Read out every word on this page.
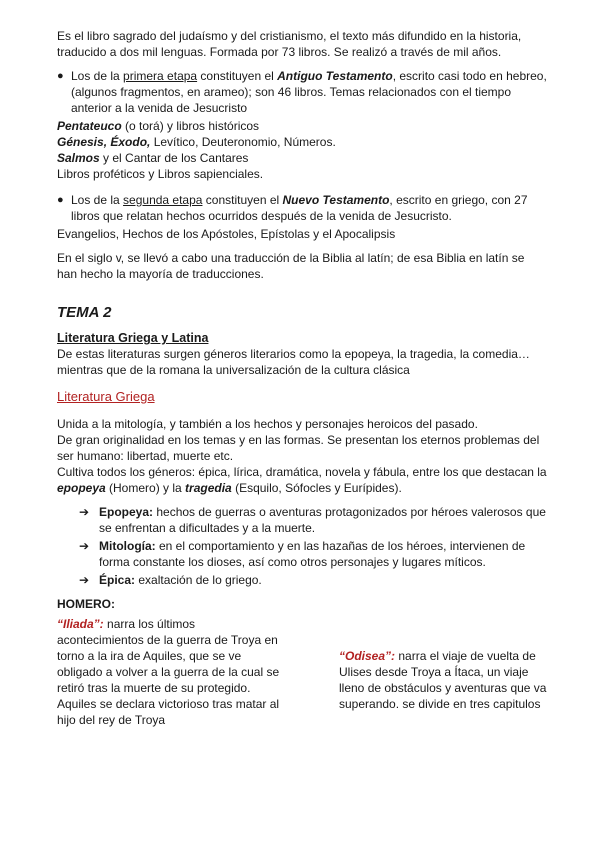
Es el libro sagrado del judaísmo y del cristianismo, el texto más difundido en la historia, traducido a dos mil lenguas. Formada por 73 libros. Se realizó a través de mil años.

● Los de la primera etapa constituyen el Antiguo Testamento, escrito casi todo en hebreo, (algunos fragmentos, en arameo); son 46 libros. Temas relacionados con el tiempo anterior a la venida de Jesucristo

Pentateuco (o torá) y libros históricos

Génesis, Éxodo, Levítico, Deuteronomio, Números.

Salmos y el Cantar de los Cantares

Libros proféticos y Libros sapienciales.

● Los de la segunda etapa constituyen el Nuevo Testamento, escrito en griego, con 27 libros que relatan hechos ocurridos después de la venida de Jesucristo.

Evangelios, Hechos de los Apóstoles, Epístolas y el Apocalipsis

En el siglo v, se llevó a cabo una traducción de la Biblia al latín; de esa Biblia en latín se han hecho la mayoría de traducciones.

TEMA 2
Literatura Griega y Latina

De estas literaturas surgen géneros literarios como la epopeya, la tragedia, la comedia… mientras que de la romana la universalización de la cultura clásica

Literatura Griega

Unida a la mitología, y también a los hechos y personajes heroicos del pasado.

De gran originalidad en los temas y en las formas. Se presentan los eternos problemas del ser humano: libertad, muerte etc.

Cultiva todos los géneros: épica, lírica, dramática, novela y fábula, entre los que destacan la epopeya (Homero) y la tragedia (Esquilo, Sófocles y Eurípides).

➔ Epopeya: hechos de guerras o aventuras protagonizados por héroes valerosos que se enfrentan a dificultades y a la muerte.
➔ Mitología: en el comportamiento y en las hazañas de los héroes, intervienen de forma constante los dioses, así como otros personajes y lugares míticos.
➔ Épica: exaltación de lo griego.

HOMERO:

“Iliada”: narra los últimos acontecimientos de la guerra de Troya en torno a la ira de Aquiles, que se ve obligado a volver a la guerra de la cual se retiró tras la muerte de su protegido. Aquiles se declara victorioso tras matar al hijo del rey de Troya
“Odisea”: narra el viaje de vuelta de Ulises desde Troya a Ítaca, un viaje lleno de obstáculos y aventuras que va superando. se divide en tres capitulos
